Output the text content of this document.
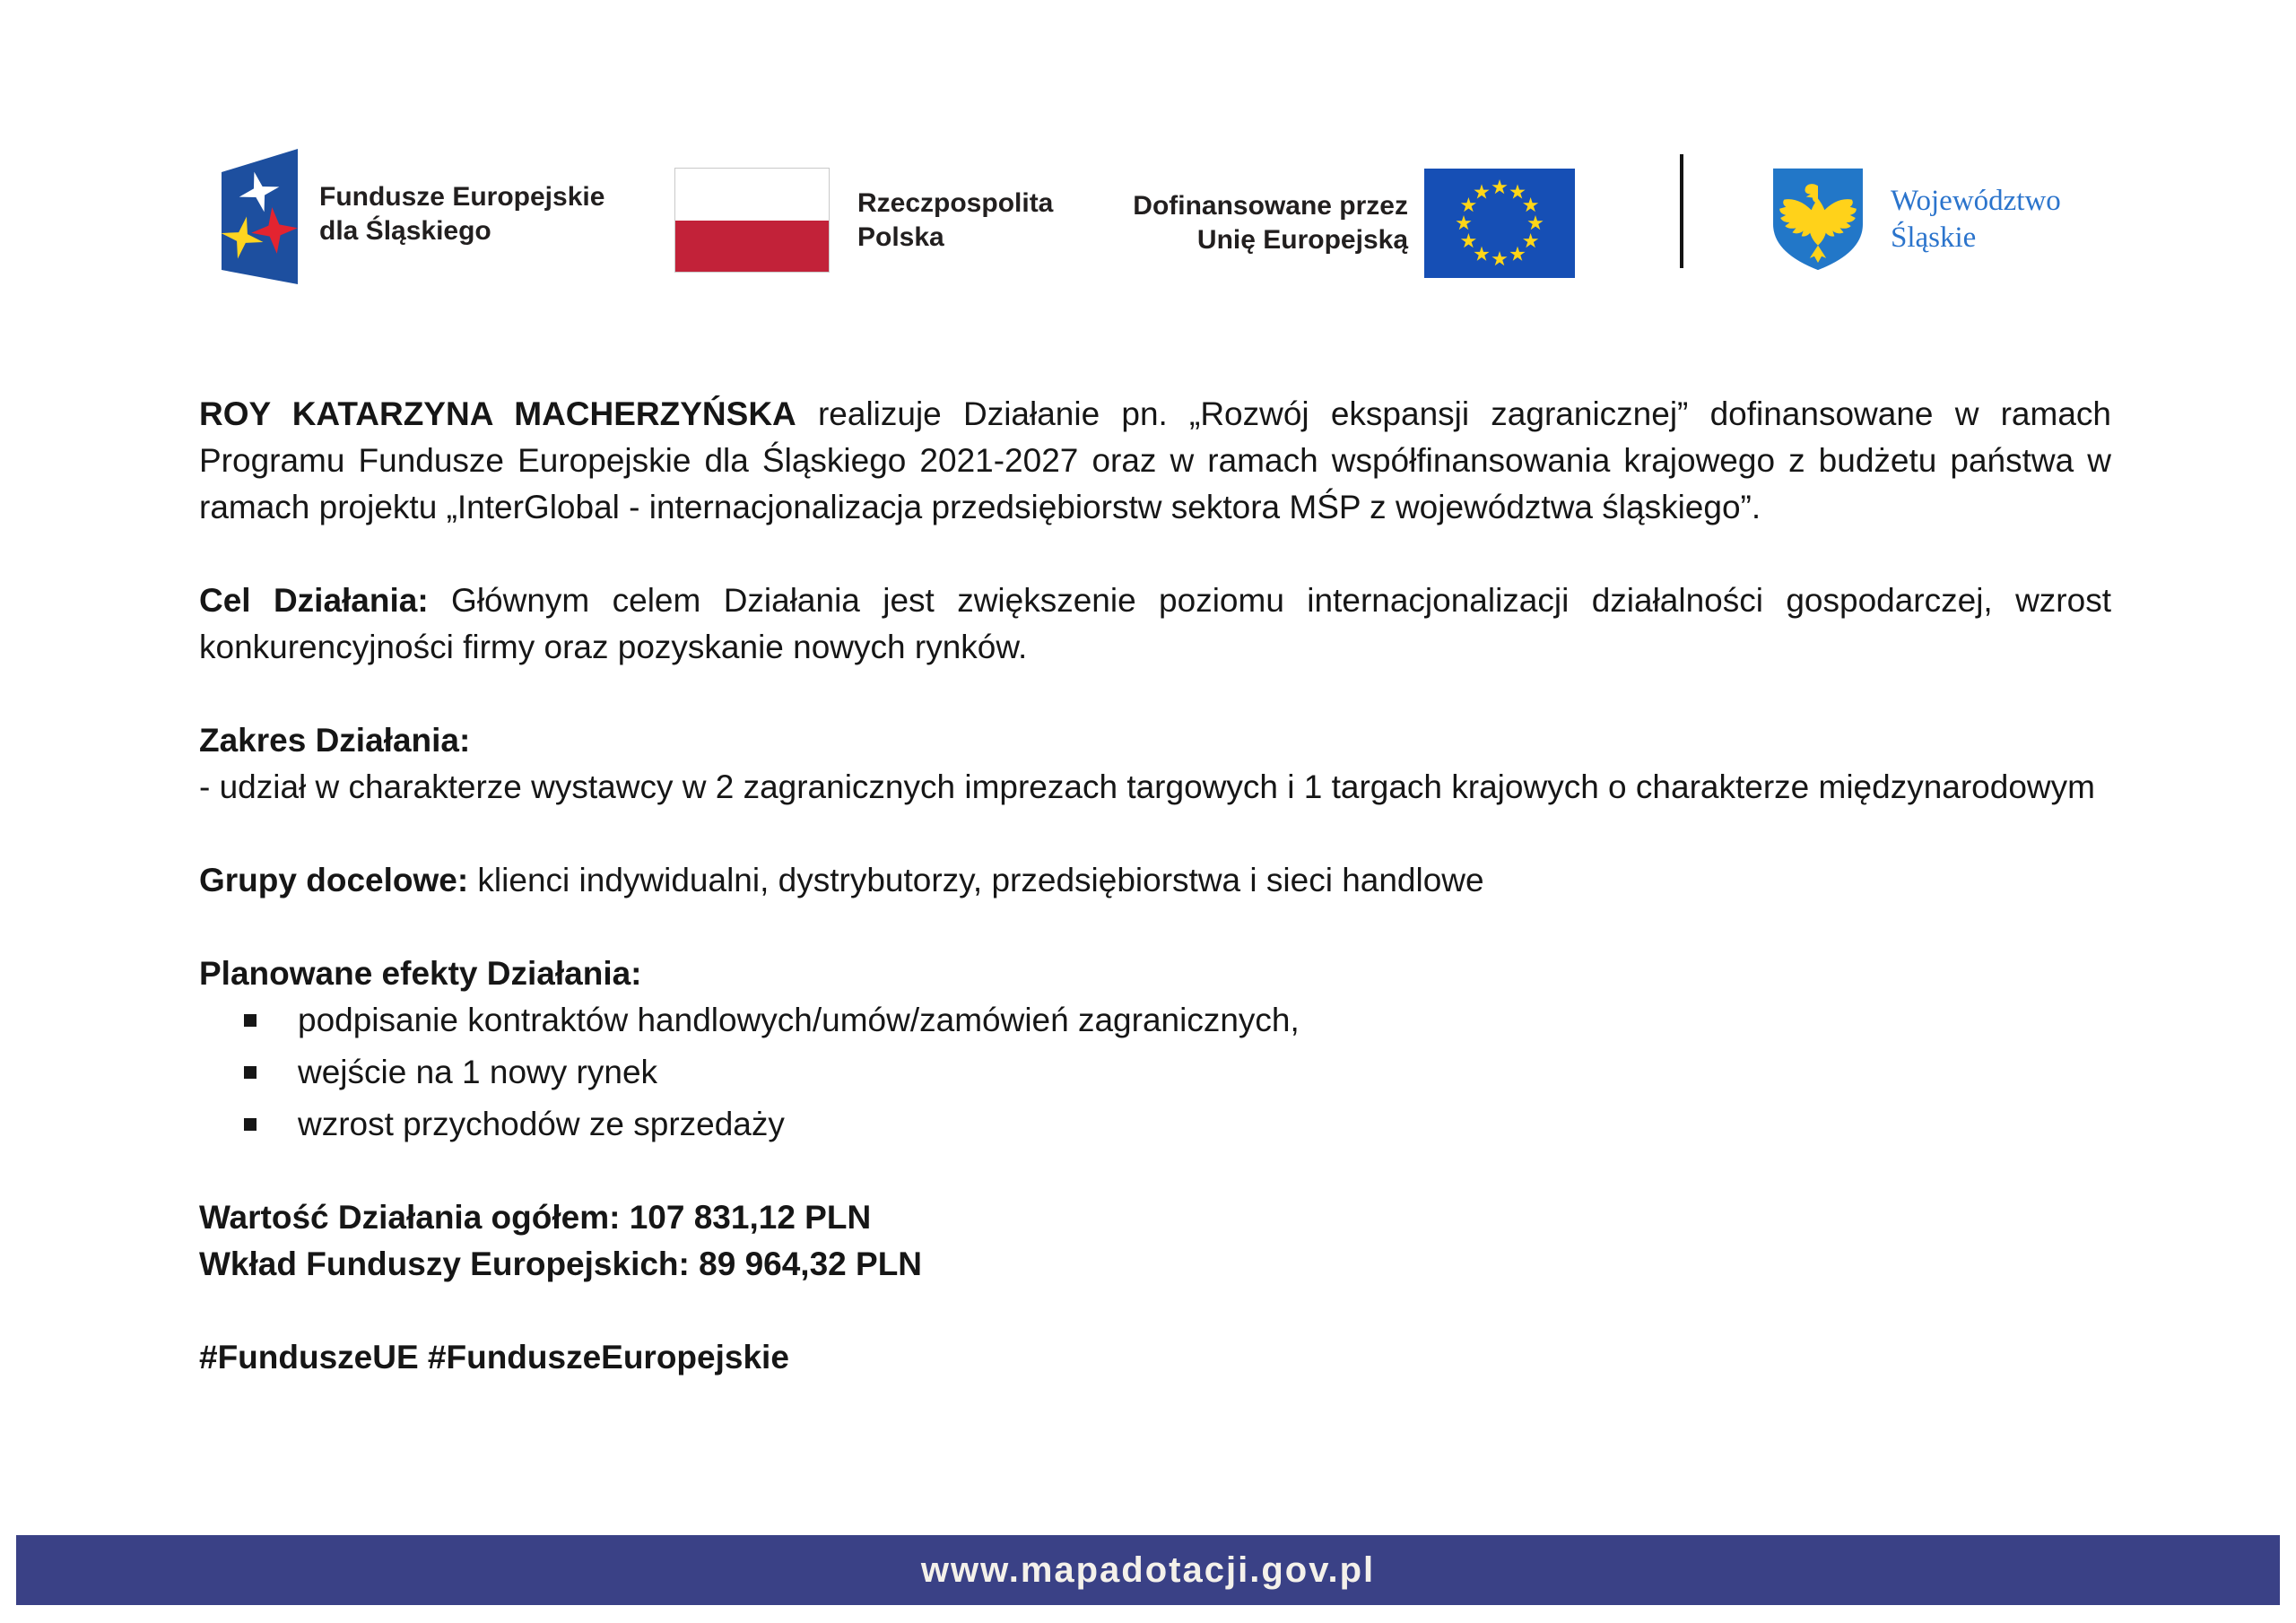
Fundusze Europejskie
dla Śląskiego
Rzeczpospolita
Polska
Dofinansowane przez
Unię Europejską
Województwo
Śląskie

ROY KATARZYNA MACHERZYŃSKA realizuje Działanie pn. „Rozwój ekspansji zagranicznej” dofinansowane w ramach Programu Fundusze Europejskie dla Śląskiego 2021-2027 oraz w ramach współfinansowania krajowego z budżetu państwa w ramach projektu „InterGlobal - internacjonalizacja przedsiębiorstw sektora MŚP z województwa śląskiego”.

Cel Działania: Głównym celem Działania jest zwiększenie poziomu internacjonalizacji działalności gospodarczej, wzrost konkurencyjności firmy oraz pozyskanie nowych rynków.

Zakres Działania:
- udział w charakterze wystawcy w 2 zagranicznych imprezach targowych i 1 targach krajowych o charakterze międzynarodowym

Grupy docelowe: klienci indywidualni, dystrybutorzy, przedsiębiorstwa i sieci handlowe

Planowane efekty Działania:
podpisanie kontraktów handlowych/umów/zamówień zagranicznych,
wejście na 1 nowy rynek
wzrost przychodów ze sprzedaży
Wartość Działania ogółem: 107 831,12 PLN
Wkład Funduszy Europejskich: 89 964,32 PLN

#FunduszeUE #FunduszeEuropejskie

www.mapadotacji.gov.pl
